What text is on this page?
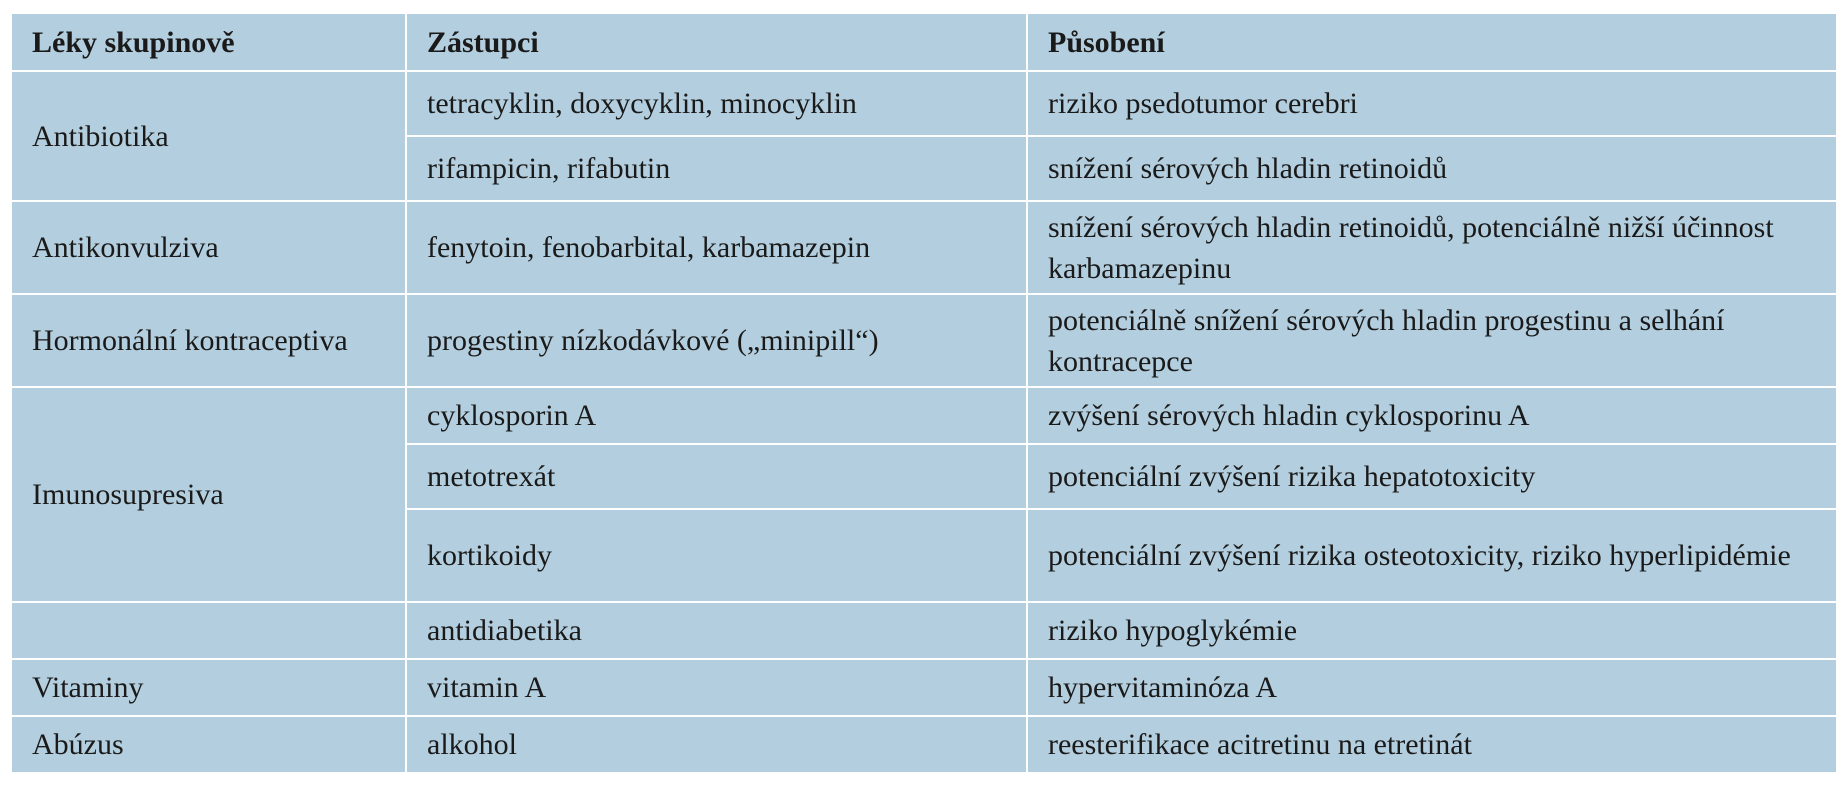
Léky skupinově	Zástupci	Působení
Antibiotika	tetracyklin, doxycyklin, minocyklin	riziko psedotumor cerebri
	rifampicin, rifabutin	snížení sérových hladin retinoidů
Antikonvulziva	fenytoin, fenobarbital, karbamazepin	snížení sérových hladin retinoidů, potenciálně nižší účinnost karbamazepinu
Hormonální kontraceptiva	progestiny nízkodávkové („minipill“)	potenciálně snížení sérových hladin progestinu a selhání kontracepce
Imunosupresiva	cyklosporin A	zvýšení sérových hladin cyklosporinu A
	metotrexát	potenciální zvýšení rizika hepatotoxicity
	kortikoidy	potenciální zvýšení rizika osteotoxicity, riziko hyperlipidémie
	antidiabetika	riziko hypoglykémie
Vitaminy	vitamin A	hypervitaminóza A
Abúzus	alkohol	reesterifikace acitretinu na etretinát
